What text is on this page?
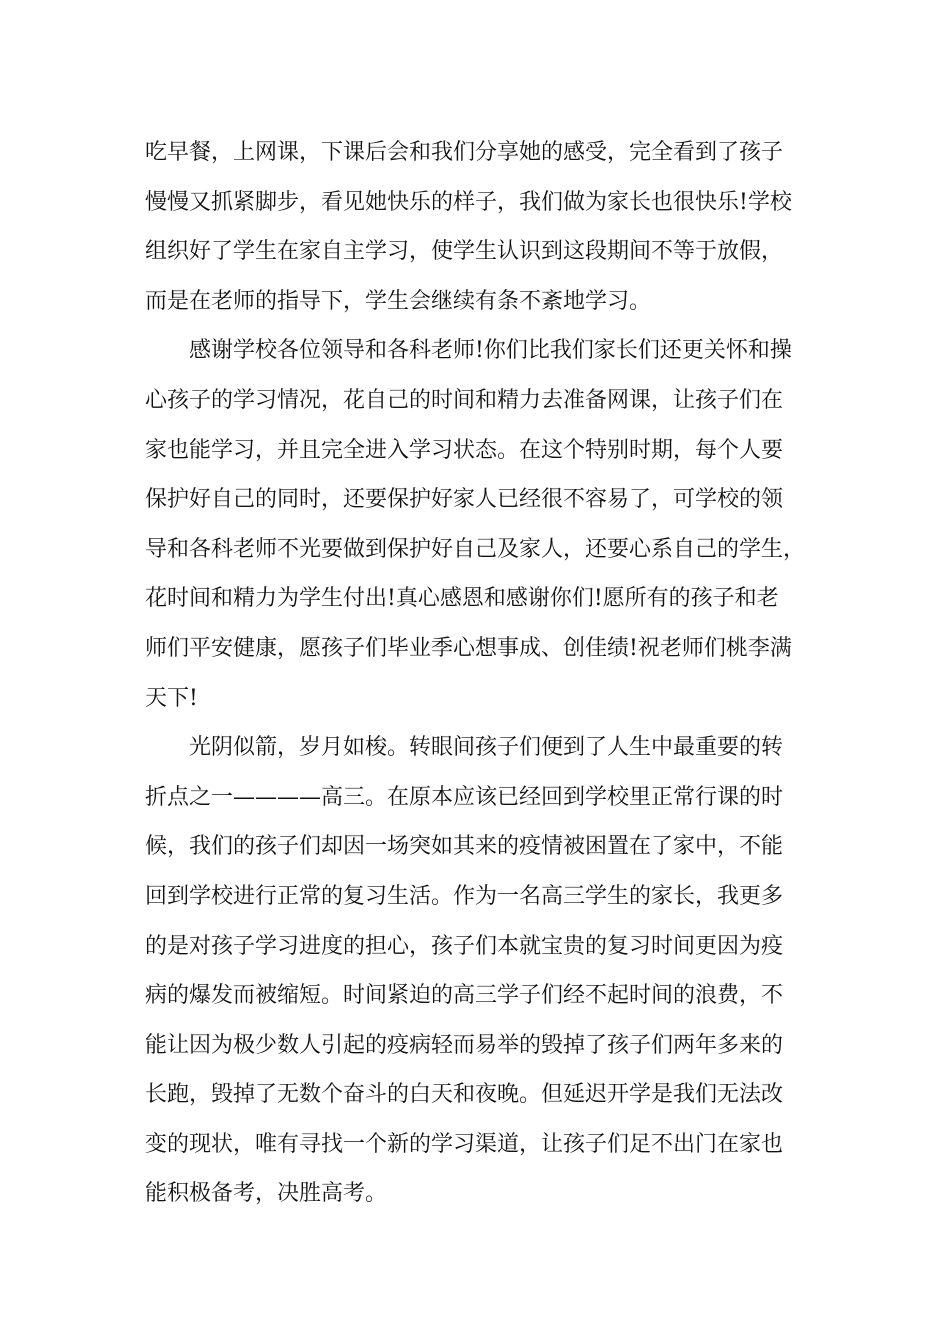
吃早餐，上网课，下课后会和我们分享她的感受，完全看到了孩子
慢慢又抓紧脚步，看见她快乐的样子，我们做为家长也很快乐!学校
组织好了学生在家自主学习，使学生认识到这段期间不等于放假，
而是在老师的指导下，学生会继续有条不紊地学习。
感谢学校各位领导和各科老师!你们比我们家长们还更关怀和操
心孩子的学习情况，花自己的时间和精力去准备网课，让孩子们在
家也能学习，并且完全进入学习状态。在这个特别时期，每个人要
保护好自己的同时，还要保护好家人已经很不容易了，可学校的领
导和各科老师不光要做到保护好自己及家人，还要心系自己的学生，
花时间和精力为学生付出!真心感恩和感谢你们!愿所有的孩子和老
师们平安健康，愿孩子们毕业季心想事成、创佳绩!祝老师们桃李满
天下!
光阴似箭，岁月如梭。转眼间孩子们便到了人生中最重要的转
折点之一————高三。在原本应该已经回到学校里正常行课的时
候，我们的孩子们却因一场突如其来的疫情被困置在了家中，不能
回到学校进行正常的复习生活。作为一名高三学生的家长，我更多
的是对孩子学习进度的担心，孩子们本就宝贵的复习时间更因为疫
病的爆发而被缩短。时间紧迫的高三学子们经不起时间的浪费，不
能让因为极少数人引起的疫病轻而易举的毁掉了孩子们两年多来的
长跑，毁掉了无数个奋斗的白天和夜晚。但延迟开学是我们无法改
变的现状，唯有寻找一个新的学习渠道，让孩子们足不出门在家也
能积极备考，决胜高考。
